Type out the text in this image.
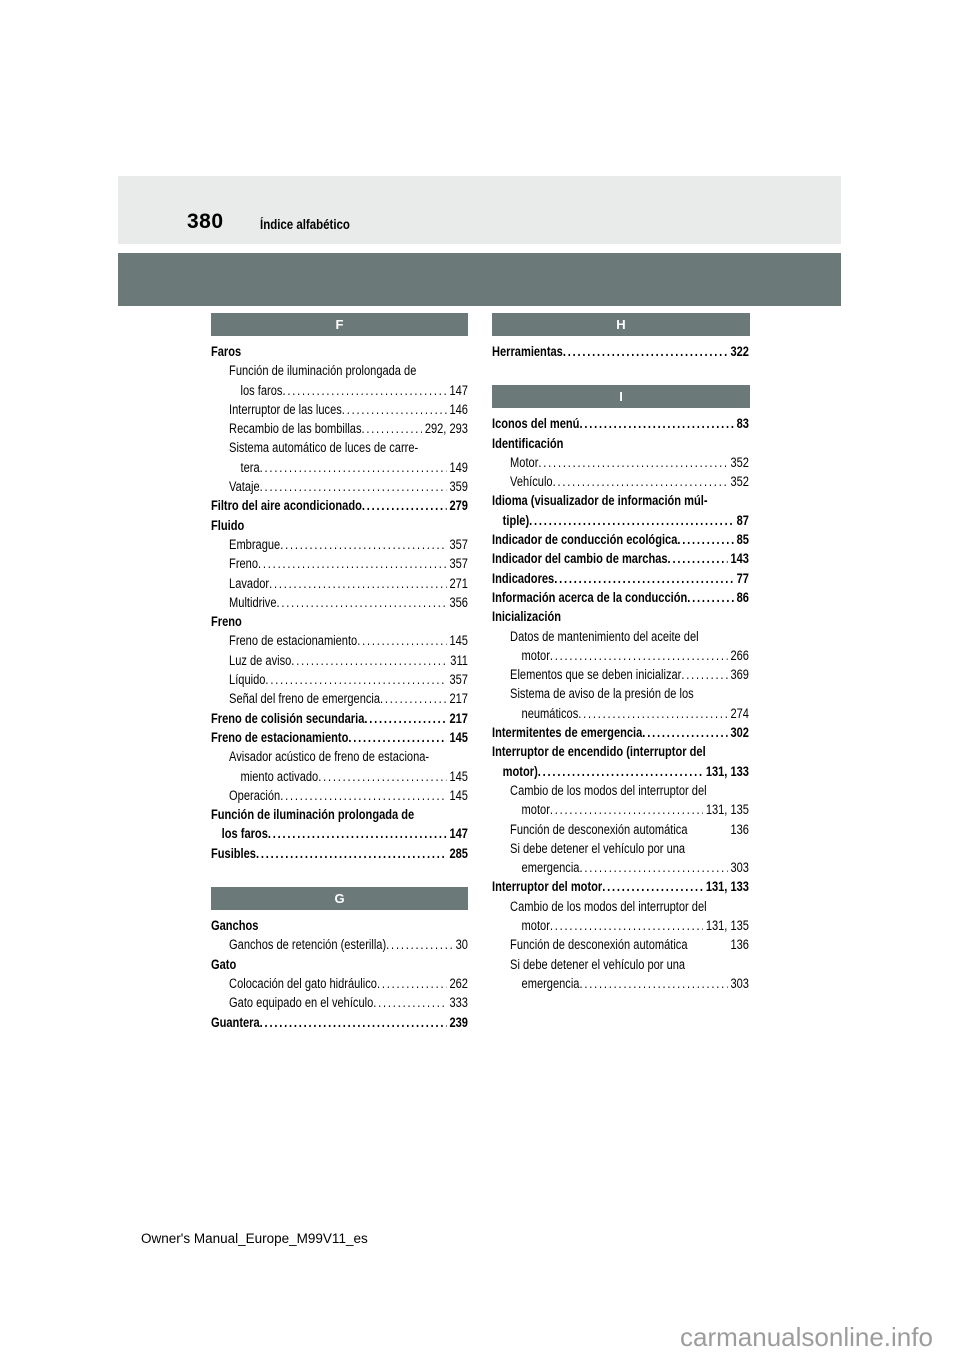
380	Índice alfabético
F
Faros
Función de iluminación prolongada de
los faros .....	147
Interruptor de las luces .....	146
Recambio de las bombillas .....	292, 293
Sistema automático de luces de carre-
tera .....	149
Vataje .....	359
Filtro del aire acondicionado .....	279
Fluido
Embrague .....	357
Freno .....	357
Lavador .....	271
Multidrive .....	356
Freno
Freno de estacionamiento .....	145
Luz de aviso .....	311
Líquido .....	357
Señal del freno de emergencia .....	217
Freno de colisión secundaria .....	217
Freno de estacionamiento .....	145
Avisador acústico de freno de estaciona-
miento activado .....	145
Operación .....	145
Función de iluminación prolongada de
los faros .....	147
Fusibles .....	285
G
Ganchos
Ganchos de retención (esterilla) .....	30
Gato
Colocación del gato hidráulico .....	262
Gato equipado en el vehículo .....	333
Guantera .....	239
H
Herramientas .....	322
I
Iconos del menú .....	83
Identificación
Motor .....	352
Vehículo .....	352
Idioma (visualizador de información múl-
tiple) .....	87
Indicador de conducción ecológica .....	85
Indicador del cambio de marchas .....	143
Indicadores .....	77
Información acerca de la conducción .....	86
Inicialización
Datos de mantenimiento del aceite del
motor .....	266
Elementos que se deben inicializar .....	369
Sistema de aviso de la presión de los
neumáticos .....	274
Intermitentes de emergencia .....	302
Interruptor de encendido (interruptor del
motor) .....	131, 133
Cambio de los modos del interruptor del
motor .....	131, 135
Función de desconexión automática	136
Si debe detener el vehículo por una
emergencia .....	303
Interruptor del motor .....	131, 133
Cambio de los modos del interruptor del
motor .....	131, 135
Función de desconexión automática	136
Si debe detener el vehículo por una
emergencia .....	303
Owner's Manual_Europe_M99V11_es
carmanualsonline.info
